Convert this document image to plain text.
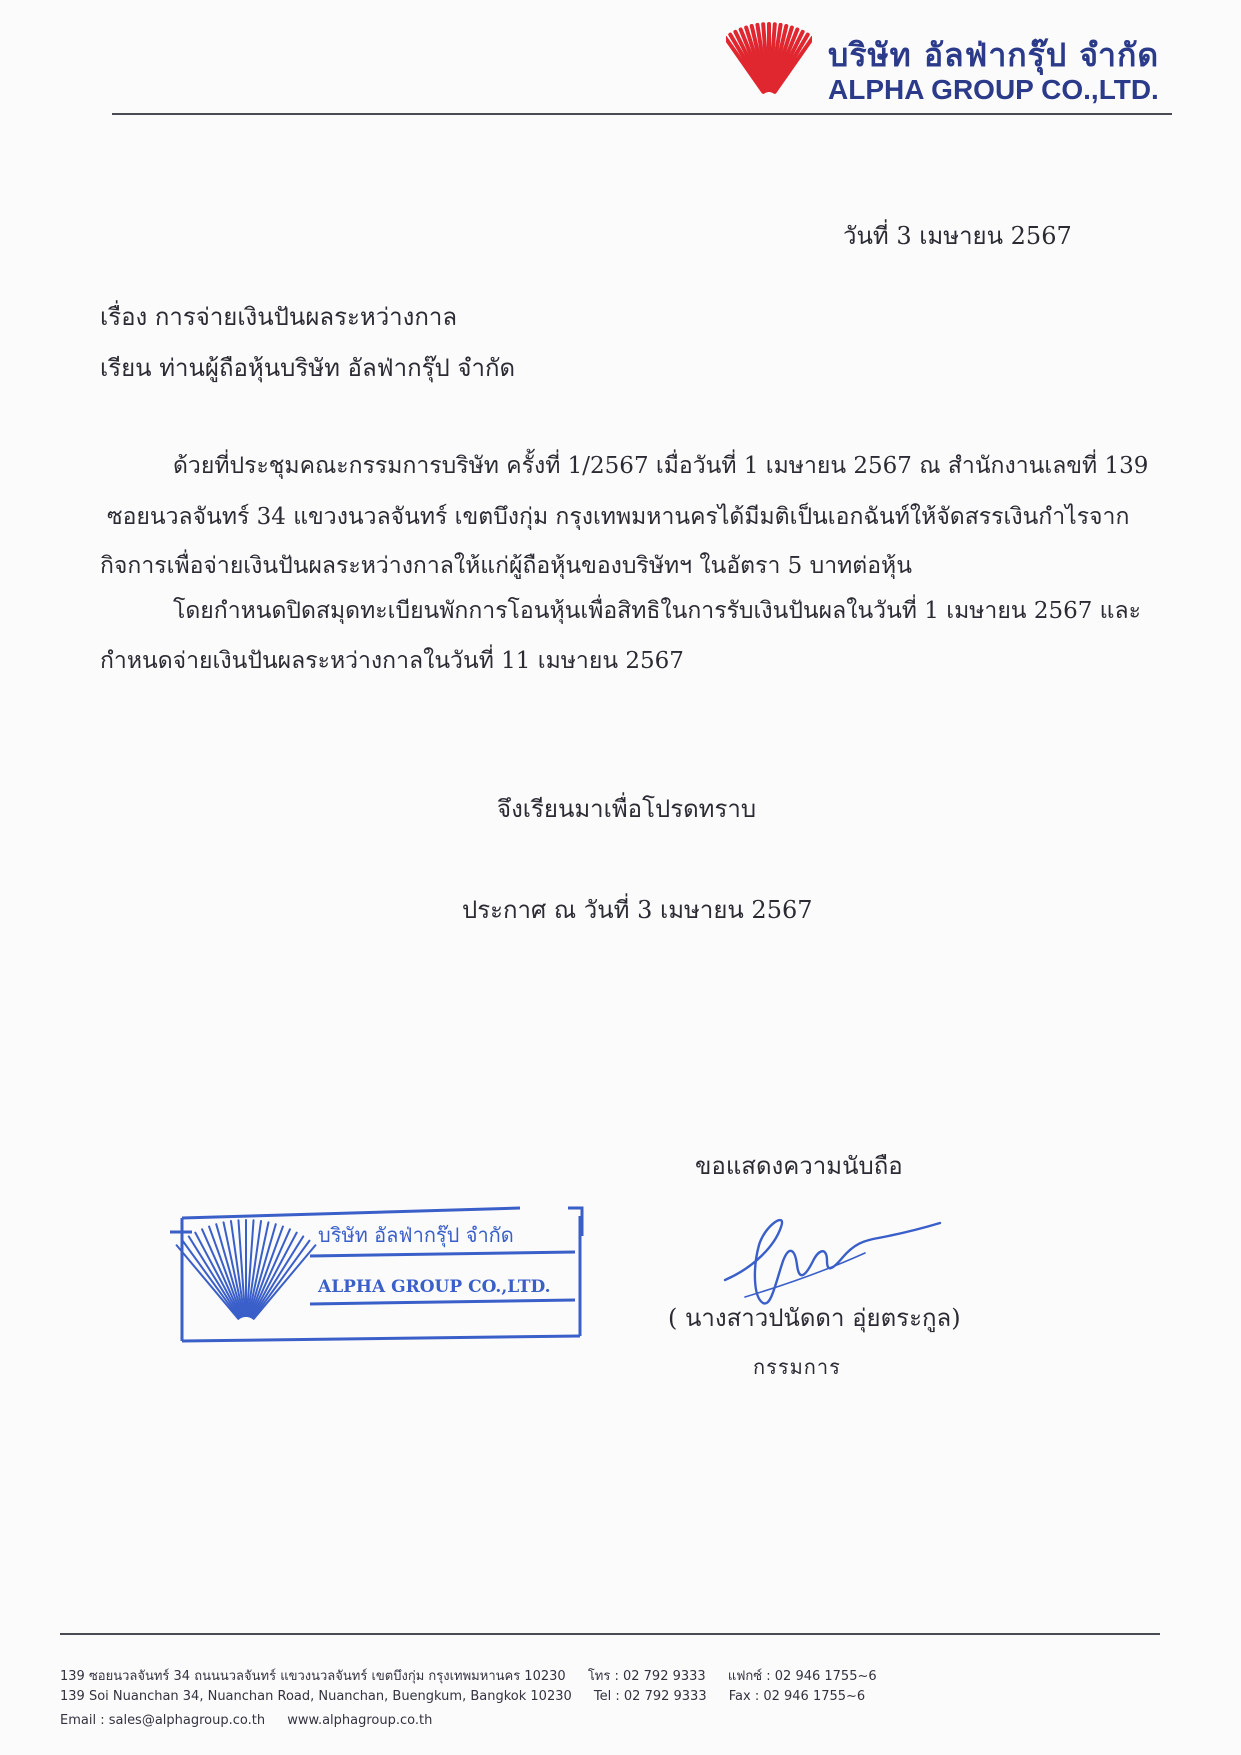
บริษัท อัลฟ่ากรุ๊ป จำกัด
ALPHA GROUP CO.,LTD.
วันที่ 3 เมษายน 2567
เรื่อง การจ่ายเงินปันผลระหว่างกาล
เรียน ท่านผู้ถือหุ้นบริษัท อัลฟ่ากรุ๊ป จำกัด
ด้วยที่ประชุมคณะกรรมการบริษัท ครั้งที่ 1/2567 เมื่อวันที่ 1 เมษายน 2567 ณ สำนักงานเลขที่ 139
ซอยนวลจันทร์ 34 แขวงนวลจันทร์ เขตบึงกุ่ม กรุงเทพมหานครได้มีมติเป็นเอกฉันท์ให้จัดสรรเงินกำไรจาก
กิจการเพื่อจ่ายเงินปันผลระหว่างกาลให้แก่ผู้ถือหุ้นของบริษัทฯ ในอัตรา 5 บาทต่อหุ้น
โดยกำหนดปิดสมุดทะเบียนพักการโอนหุ้นเพื่อสิทธิในการรับเงินปันผลในวันที่ 1 เมษายน 2567 และ
กำหนดจ่ายเงินปันผลระหว่างกาลในวันที่ 11 เมษายน 2567
จึงเรียนมาเพื่อโปรดทราบ
ประกาศ ณ วันที่ 3 เมษายน 2567
ขอแสดงความนับถือ
บริษัท อัลฟ่ากรุ๊ป จำกัด
ALPHA GROUP CO.,LTD.
( นางสาวปนัดดา อุ่ยตระกูล)
กรรมการ
139 ซอยนวลจันทร์ 34 ถนนนวลจันทร์ แขวงนวลจันทร์ เขตบึงกุ่ม กรุงเทพมหานคร 10230 โทร : 02 792 9333 แฟกซ์ : 02 946 1755~6
139 Soi Nuanchan 34, Nuanchan Road, Nuanchan, Buengkum, Bangkok 10230 Tel : 02 792 9333 Fax : 02 946 1755~6
Email : sales@alphagroup.co.th www.alphagroup.co.th
